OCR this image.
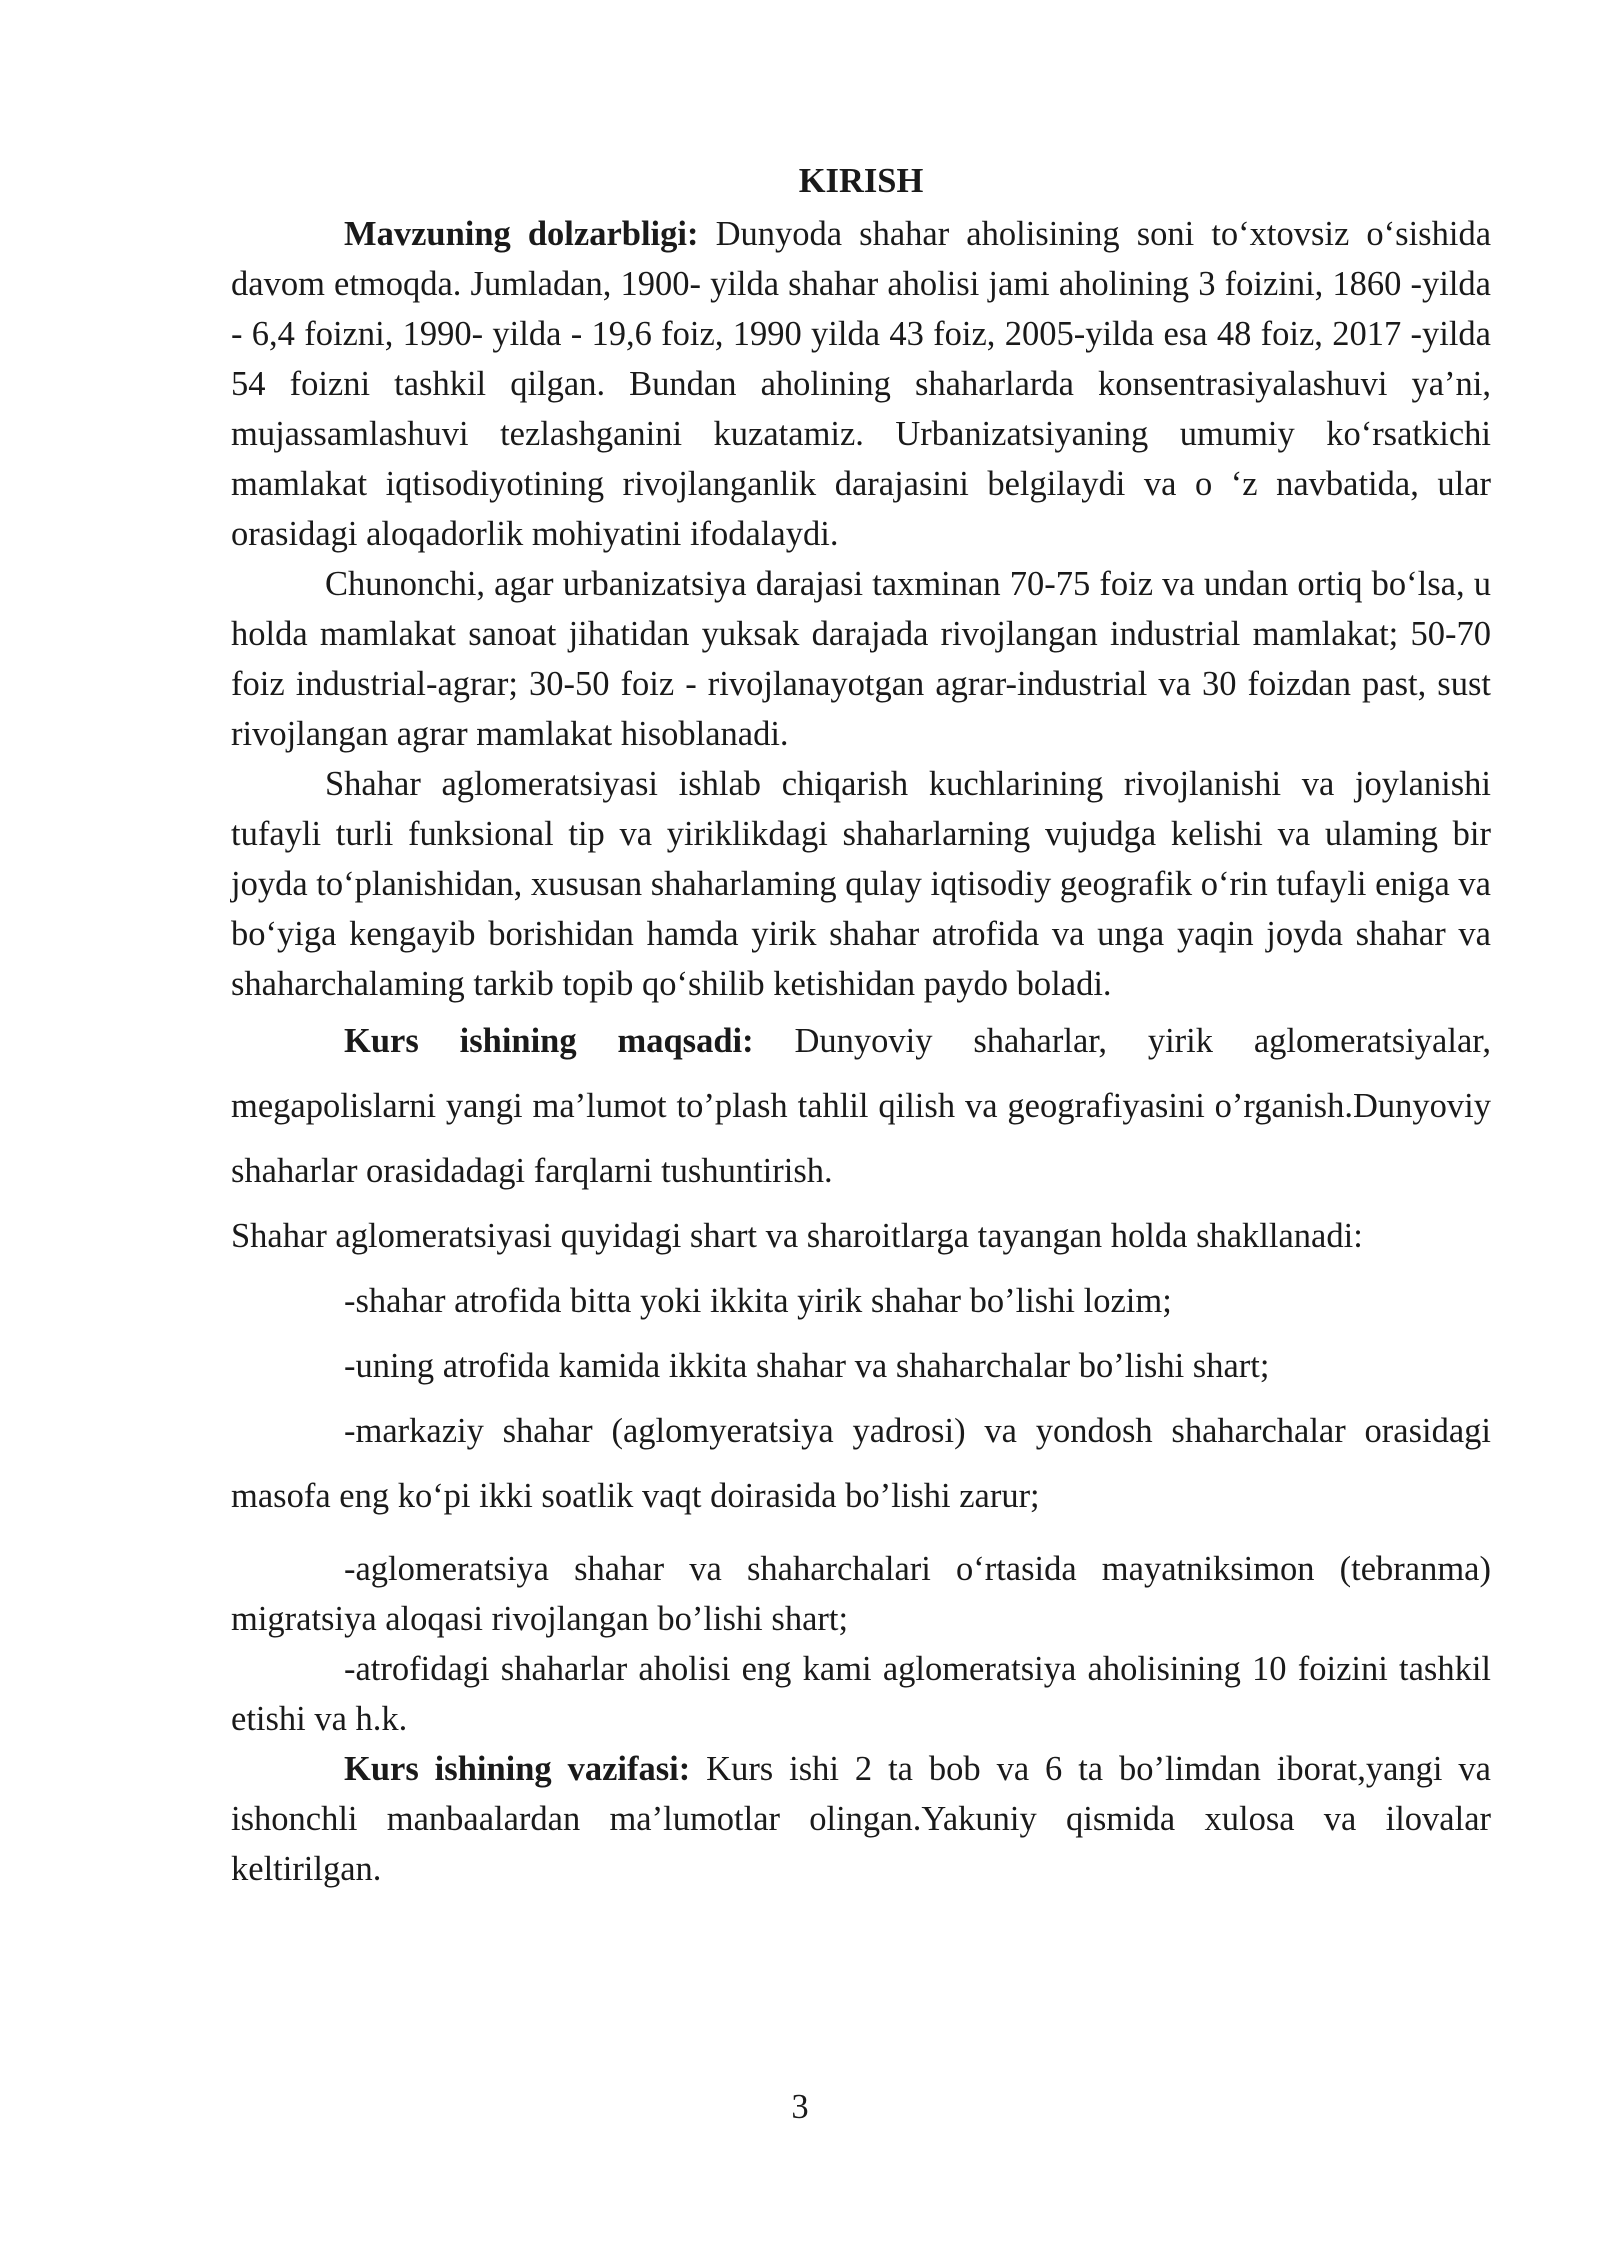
KIRISH

Mavzuning dolzarbligi: Dunyoda shahar aholisining soni to‘xtovsiz o‘sishida davom etmoqda. Jumladan, 1900- yilda shahar aholisi jami aholining 3 foizini, 1860 -yilda - 6,4 foizni, 1990- yilda - 19,6 foiz, 1990 yilda 43 foiz, 2005-yilda esa 48 foiz, 2017 -yilda 54 foizni tashkil qilgan. Bundan aholining shaharlarda konsentrasiyalashuvi ya’ni, mujassamlashuvi tezlashganini kuzatamiz. Urbanizatsiyaning umumiy ko‘rsatkichi mamlakat iqtisodiyotining rivojlanganlik darajasini belgilaydi va o ‘z navbatida, ular orasidagi aloqadorlik mohiyatini ifodalaydi.

Chunonchi, agar urbanizatsiya darajasi taxminan 70-75 foiz va undan ortiq bo‘lsa, u holda mamlakat sanoat jihatidan yuksak darajada rivojlangan industrial mamlakat; 50-70 foiz industrial-agrar; 30-50 foiz - rivojlanayotgan agrar-industrial va 30 foizdan past, sust rivojlangan agrar mamlakat hisoblanadi.

Shahar aglomeratsiyasi ishlab chiqarish kuchlarining rivojlanishi va joylanishi tufayli turli funksional tip va yiriklikdagi shaharlarning vujudga kelishi va ulaming bir joyda to‘planishidan, xususan shaharlaming qulay iqtisodiy geografik o‘rin tufayli eniga va bo‘yiga kengayib borishidan hamda yirik shahar atrofida va unga yaqin joyda shahar va shaharchalaming tarkib topib qo‘shilib ketishidan paydo boladi.

Kurs ishining maqsadi: Dunyoviy shaharlar, yirik aglomeratsiyalar, megapolislarni yangi ma’lumot to’plash tahlil qilish va geografiyasini o’rganish.Dunyoviy shaharlar orasidadagi farqlarni tushuntirish.

Shahar aglomeratsiyasi quyidagi shart va sharoitlarga tayangan holda shakllanadi:

-shahar atrofida bitta yoki ikkita yirik shahar bo’lishi lozim;

-uning atrofida kamida ikkita shahar va shaharchalar bo’lishi shart;

-markaziy shahar (aglomyeratsiya yadrosi) va yondosh shaharchalar orasidagi masofa eng ko‘pi ikki soatlik vaqt doirasida bo’lishi zarur;

-aglomeratsiya shahar va shaharchalari o‘rtasida mayatniksimon (tebranma) migratsiya aloqasi rivojlangan bo’lishi shart;

-atrofidagi shaharlar aholisi eng kami aglomeratsiya aholisining 10 foizini tashkil etishi va h.k.

Kurs ishining vazifasi: Kurs ishi 2 ta bob va 6 ta bo’limdan iborat,yangi va ishonchli manbaalardan ma’lumotlar olingan.Yakuniy qismida xulosa va ilovalar keltirilgan.

3
